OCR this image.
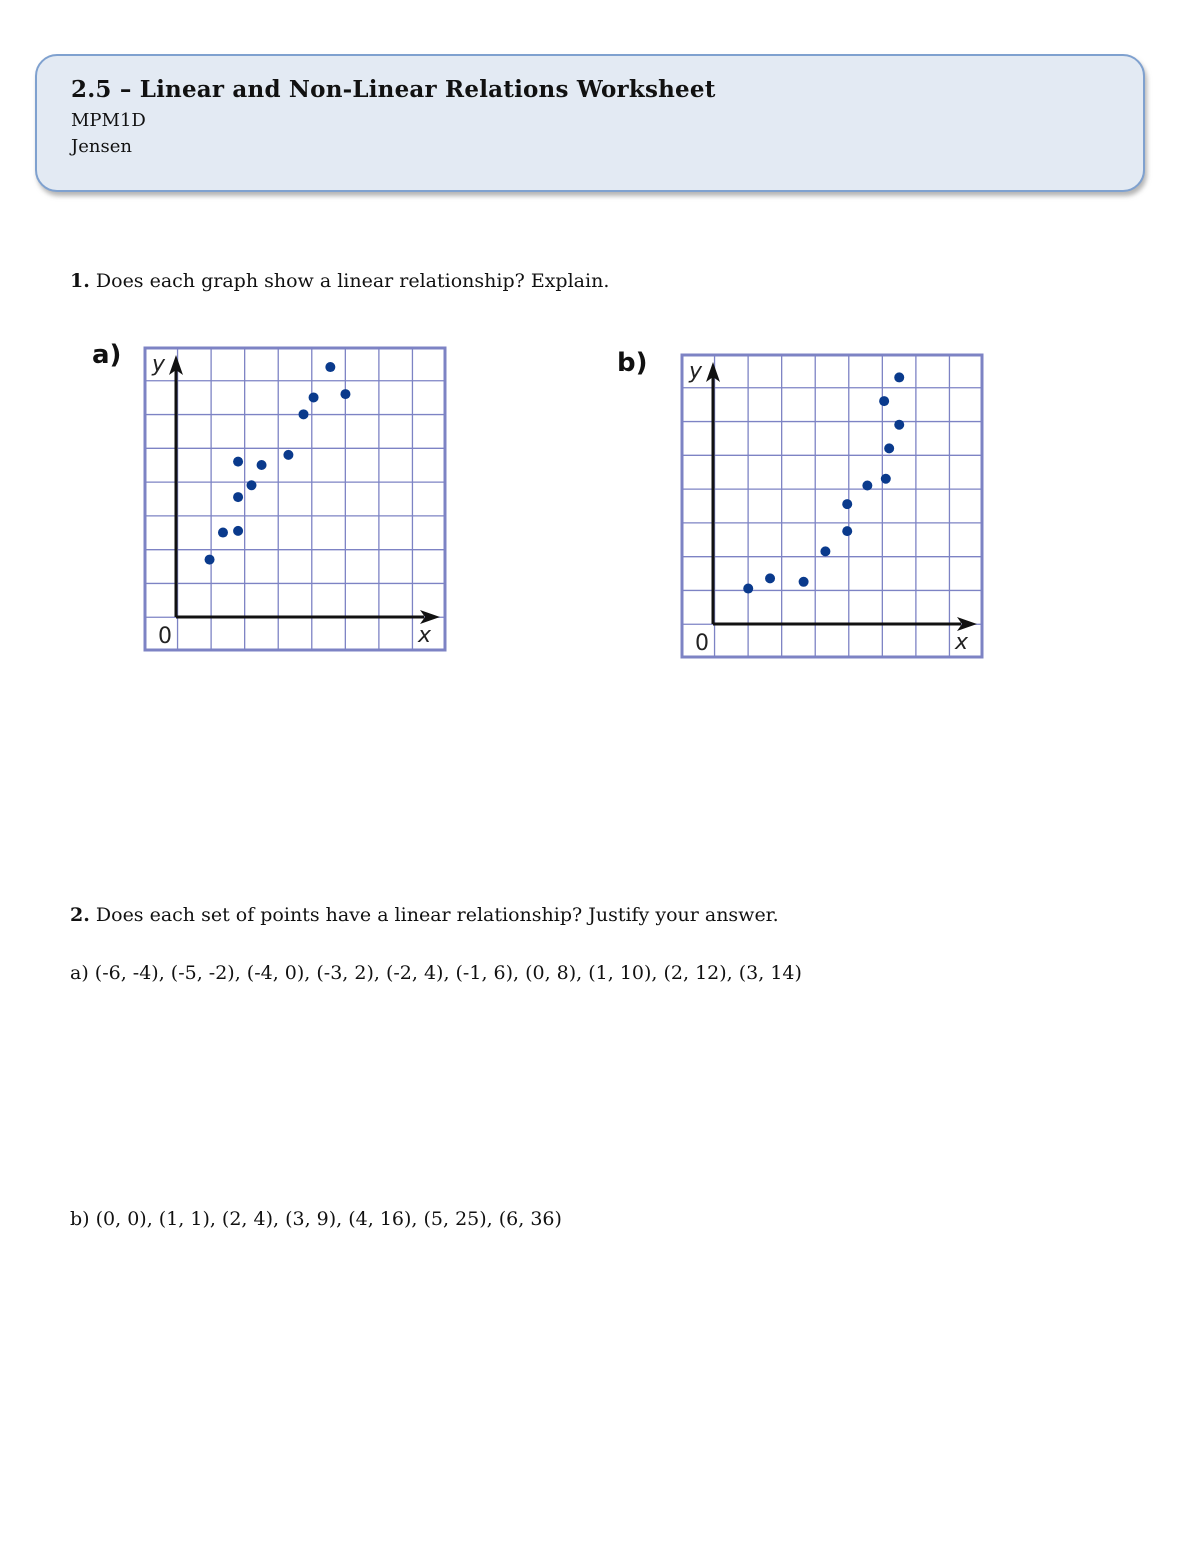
2.5 – Linear and Non-Linear Relations Worksheet
MPM1D
Jensen
1. Does each graph show a linear relationship? Explain.
a) y
x
0
b) y
x
0
2. Does each set of points have a linear relationship? Justify your answer.
a) (-6, -4), (-5, -2), (-4, 0), (-3, 2), (-2, 4), (-1, 6), (0, 8), (1, 10), (2, 12), (3, 14)
b) (0, 0), (1, 1), (2, 4), (3, 9), (4, 16), (5, 25), (6, 36)
